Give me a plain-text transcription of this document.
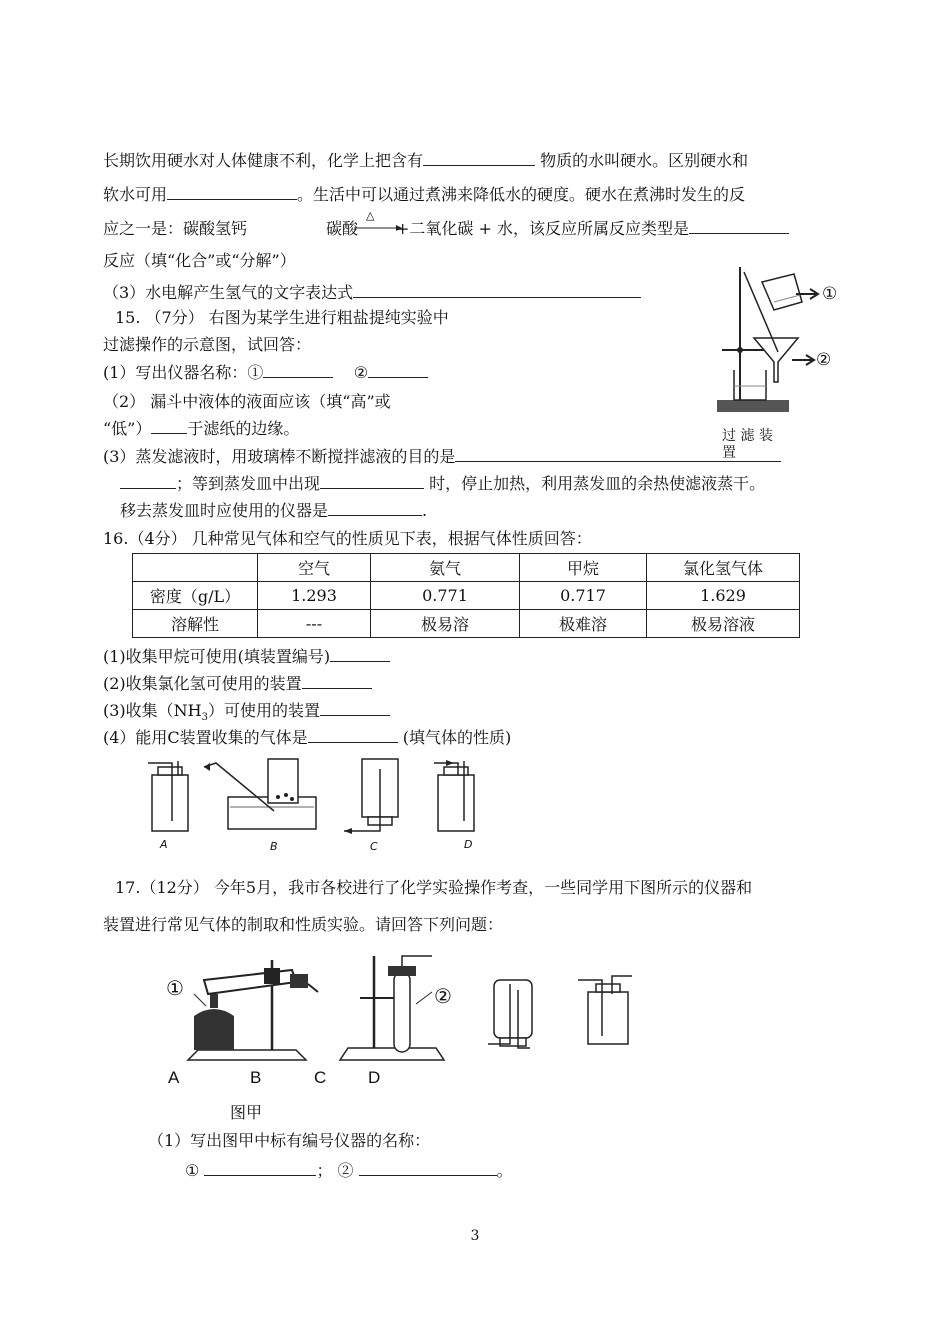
长期饮用硬水对人体健康不利，化学上把含有	物质的水叫硬水。区别硬水和
软水可用	。生活中可以通过煮沸来降低水的硬度。硬水在煮沸时发生的反
应之一是：碳酸氢钙	碳酸
△
+二氧化碳 + 水，该反应所属反应类型是
反应（填“化合”或“分解”）
（3）水电解产生氢气的文字表达式
15. （7分） 右图为某学生进行粗盐提纯实验中
过滤操作的示意图，试回答：
(1）写出仪器名称：①	②
（2） 漏斗中液体的液面应该（填“高”或
“低”） 于滤纸的边缘。
(3）蒸发滤液时，用玻璃棒不断搅拌滤液的目的是
；等到蒸发皿中出现	时，停止加热，利用蒸发皿的余热使滤液蒸干。
移去蒸发皿时应使用的仪器是	.
①
②
过 滤 装
置
16.（4分） 几种常见气体和空气的性质见下表，根据气体性质回答：
	空气	氨气	甲烷	氯化氢气体
密度（g/L）	1.293	0.771	0.717	1.629
溶解性	---	极易溶	极难溶	极易溶液
(1)收集甲烷可使用(填装置编号)
(2)收集氯化氢可使用的装置
(3)收集$(NH_3)$可使用的装置
(4）能用C装置收集的气体是	(填气体的性质)
A	B	C	D
17.（12分） 今年5月，我市各校进行了化学实验操作考查，一些同学用下图所示的仪器和
装置进行常见气体的制取和性质实验。请回答下列问题：
①	②
A	B	C D
图甲
（1）写出图甲中标有编号仪器的名称：
①	； ②	。
3
